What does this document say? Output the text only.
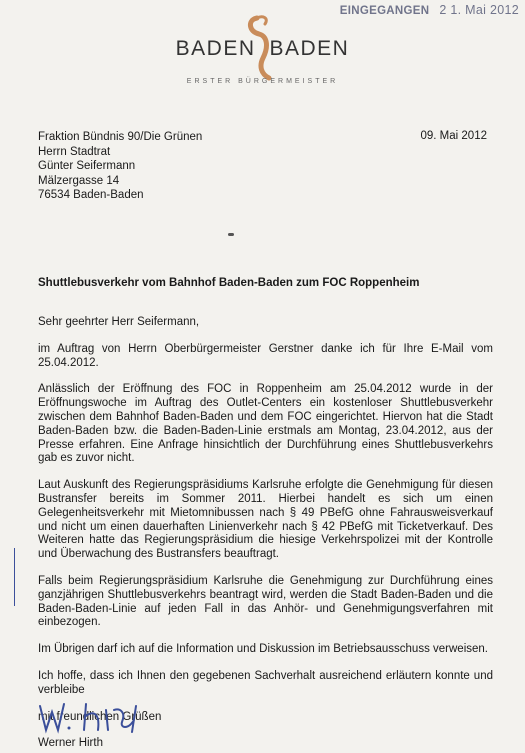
EINGEGANGEN 2 1. Mai 2012
BADEN BADEN
ERSTER BÜRGERMEISTER
Fraktion Bündnis 90/Die Grünen
Herrn Stadtrat
Günter Seifermann
Mälzergasse 14
76534 Baden-Baden
09. Mai 2012
Shuttlebusverkehr vom Bahnhof Baden-Baden zum FOC Roppenheim

Sehr geehrter Herr Seifermann,

im Auftrag von Herrn Oberbürgermeister Gerstner danke ich für Ihre E-Mail vom 25.04.2012.

Anlässlich der Eröffnung des FOC in Roppenheim am 25.04.2012 wurde in der Eröffnungswoche im Auftrag des Outlet-Centers ein kostenloser Shuttlebusverkehr zwischen dem Bahnhof Baden-Baden und dem FOC eingerichtet. Hiervon hat die Stadt Baden-Baden bzw. die Baden-Baden-Linie erstmals am Montag, 23.04.2012, aus der Presse erfahren. Eine Anfrage hinsichtlich der Durchführung eines Shuttlebusverkehrs gab es zuvor nicht.

Laut Auskunft des Regierungspräsidiums Karlsruhe erfolgte die Genehmigung für diesen Bustransfer bereits im Sommer 2011. Hierbei handelt es sich um einen Gelegenheitsverkehr mit Mietomnibussen nach § 49 PBefG ohne Fahrausweisverkauf und nicht um einen dauerhaften Linienverkehr nach § 42 PBefG mit Ticketverkauf. Des Weiteren hatte das Regierungspräsidium die hiesige Verkehrspolizei mit der Kontrolle und Überwachung des Bustransfers beauftragt.

Falls beim Regierungspräsidium Karlsruhe die Genehmigung zur Durchführung eines ganzjährigen Shuttlebusverkehrs beantragt wird, werden die Stadt Baden-Baden und die Baden-Baden-Linie auf jeden Fall in das Anhör- und Genehmigungsverfahren mit einbezogen.

Im Übrigen darf ich auf die Information und Diskussion im Betriebsausschuss verweisen.

Ich hoffe, dass ich Ihnen den gegebenen Sachverhalt ausreichend erläutern konnte und verbleibe

mit freundlichen Grüßen

Werner Hirth
